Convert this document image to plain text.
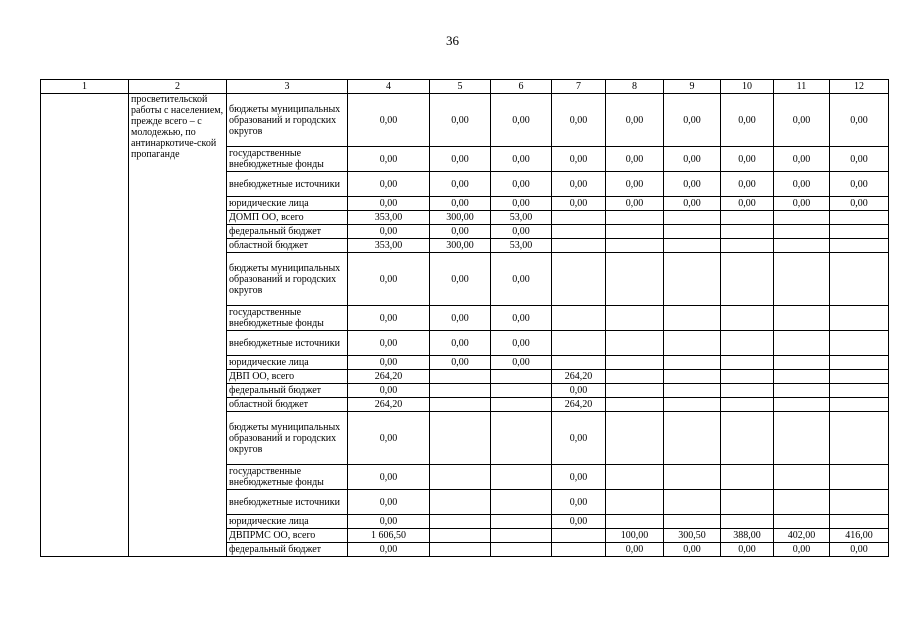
36
1	2	3	4	5	6	7	8	9	10	11	12
	просветительской работы с населением, прежде всего – с молодежью, по антинаркотиче-ской пропаганде	бюджеты муниципальных образований и городских округов	0,00	0,00	0,00	0,00	0,00	0,00	0,00	0,00	0,00
		государственные внебюджетные фонды	0,00	0,00	0,00	0,00	0,00	0,00	0,00	0,00	0,00
		внебюджетные источники	0,00	0,00	0,00	0,00	0,00	0,00	0,00	0,00	0,00
		юридические лица	0,00	0,00	0,00	0,00	0,00	0,00	0,00	0,00	0,00
		ДОМП ОО, всего	353,00	300,00	53,00						
		федеральный бюджет	0,00	0,00	0,00						
		областной бюджет	353,00	300,00	53,00						
		бюджеты муниципальных образований и городских округов	0,00	0,00	0,00						
		государственные внебюджетные фонды	0,00	0,00	0,00						
		внебюджетные источники	0,00	0,00	0,00						
		юридические лица	0,00	0,00	0,00						
		ДВП ОО, всего	264,20			264,20					
		федеральный бюджет	0,00			0,00					
		областной бюджет	264,20			264,20					
		бюджеты муниципальных образований и городских округов	0,00			0,00					
		государственные внебюджетные фонды	0,00			0,00					
		внебюджетные источники	0,00			0,00					
		юридические лица	0,00			0,00					
		ДВПРМС ОО, всего	1 606,50				100,00	300,50	388,00	402,00	416,00
		федеральный бюджет	0,00				0,00	0,00	0,00	0,00	0,00
